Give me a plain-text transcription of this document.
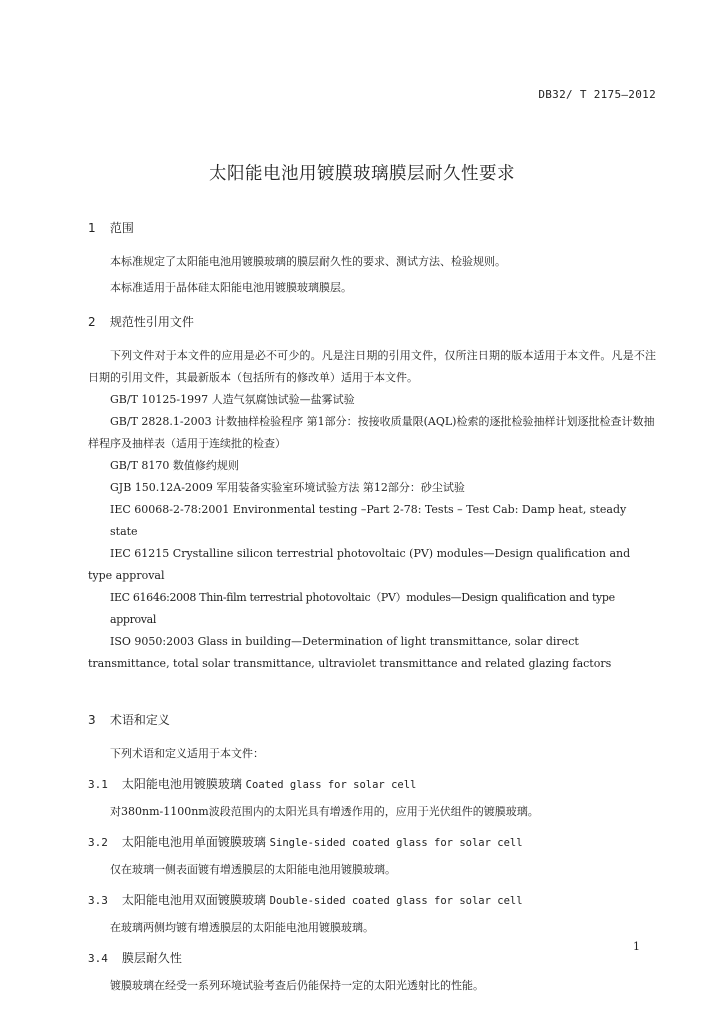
DB32/ T 2175—2012
太阳能电池用镀膜玻璃膜层耐久性要求
1 范围

本标准规定了太阳能电池用镀膜玻璃的膜层耐久性的要求、测试方法、检验规则。

本标准适用于晶体硅太阳能电池用镀膜玻璃膜层。

2 规范性引用文件

下列文件对于本文件的应用是必不可少的。凡是注日期的引用文件，仅所注日期的版本适用于本文件。凡是不注日期的引用文件，其最新版本（包括所有的修改单）适用于本文件。

GB/T 10125-1997 人造气氛腐蚀试验—盐雾试验

GB/T 2828.1-2003 计数抽样检验程序 第1部分：按接收质量限(AQL)检索的逐批检验抽样计划逐批检查计数抽样程序及抽样表（适用于连续批的检查）

GB/T 8170 数值修约规则

GJB 150.12A-2009 军用装备实验室环境试验方法 第12部分：砂尘试验

IEC 60068-2-78:2001 Environmental testing –Part 2-78: Tests – Test Cab: Damp heat, steady state

IEC 61215 Crystalline silicon terrestrial photovoltaic (PV) modules—Design qualification and type approval

IEC 61646:2008 Thin-film terrestrial photovoltaic（PV）modules—Design qualification and type approval

ISO 9050:2003 Glass in building—Determination of light transmittance, solar direct transmittance, total solar transmittance, ultraviolet transmittance and related glazing factors

3 术语和定义

下列术语和定义适用于本文件：

3.1 太阳能电池用镀膜玻璃 Coated glass for solar cell

对380nm-1100nm波段范围内的太阳光具有增透作用的，应用于光伏组件的镀膜玻璃。

3.2 太阳能电池用单面镀膜玻璃 Single-sided coated glass for solar cell

仅在玻璃一侧表面镀有增透膜层的太阳能电池用镀膜玻璃。

3.3 太阳能电池用双面镀膜玻璃 Double-sided coated glass for solar cell

在玻璃两侧均镀有增透膜层的太阳能电池用镀膜玻璃。

3.4 膜层耐久性

镀膜玻璃在经受一系列环境试验考查后仍能保持一定的太阳光透射比的性能。

1
